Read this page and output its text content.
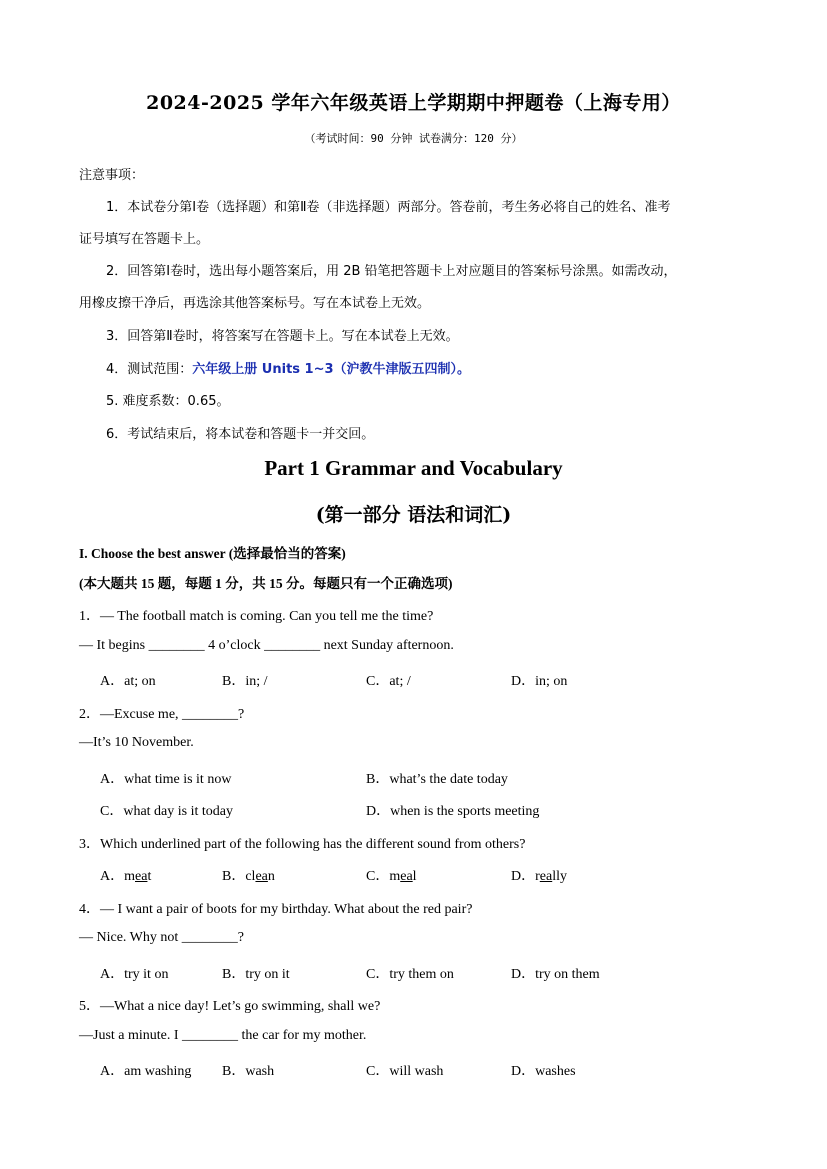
2024-2025 学年六年级英语上学期期中押题卷（上海专用）
（考试时间：90 分钟 试卷满分：120 分）
注意事项：
1．本试卷分第Ⅰ卷（选择题）和第Ⅱ卷（非选择题）两部分。答卷前，考生务必将自己的姓名、准考
证号填写在答题卡上。
2．回答第Ⅰ卷时，选出每小题答案后，用 2B 铅笔把答题卡上对应题目的答案标号涂黑。如需改动，
用橡皮擦干净后，再选涂其他答案标号。写在本试卷上无效。
3．回答第Ⅱ卷时，将答案写在答题卡上。写在本试卷上无效。
4．测试范围：六年级上册 Units 1~3（沪教牛津版五四制）。
5. 难度系数：0.65。
6．考试结束后，将本试卷和答题卡一并交回。
Part 1 Grammar and Vocabulary
(第一部分 语法和词汇)
I. Choose the best answer (选择最恰当的答案)
(本大题共 15 题，每题 1 分，共 15 分。每题只有一个正确选项)
1．— The football match is coming. Can you tell me the time?
— It begins ________ 4 o’clock ________ next Sunday afternoon.
A．at; on	B．in; /	C．at; /	D．in; on
2．—Excuse me, ________?
—It’s 10 November.
A．what time is it now	B．what’s the date today
C．what day is it today	D．when is the sports meeting
3．Which underlined part of the following has the different sound from others?
A．meat	B．clean	C．meal	D．really
4．— I want a pair of boots for my birthday. What about the red pair?
— Nice. Why not ________?
A．try it on	B．try on it	C．try them on	D．try on them
5．—What a nice day! Let’s go swimming, shall we?
—Just a minute. I ________ the car for my mother.
A．am washing B．wash	C．will wash	D．washes
